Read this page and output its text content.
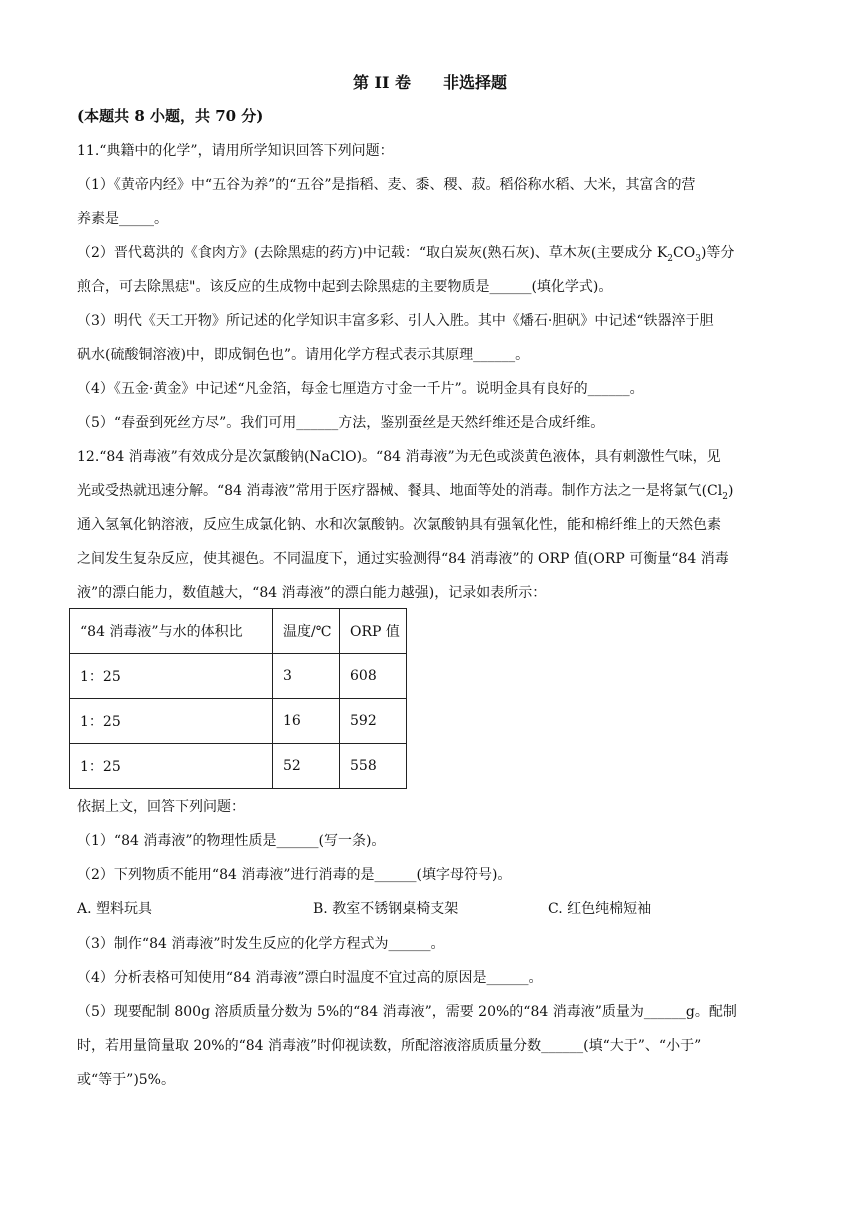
第 II 卷　　非选择题
(本题共 8 小题，共 70 分)
11.“典籍中的化学”，请用所学知识回答下列问题：
（1）《黄帝内经》中“五谷为养”的“五谷”是指稻、麦、黍、稷、菽。稻俗称水稻、大米，其富含的营
养素是_____。
（2）晋代葛洪的《食肉方》(去除黑痣的药方)中记载：“取白炭灰(熟石灰)、草木灰(主要成分 $K_2CO_3$)等分
煎合，可去除黑痣"。该反应的生成物中起到去除黑痣的主要物质是______(填化学式)。
（3）明代《天工开物》所记述的化学知识丰富多彩、引人入胜。其中《燔石·胆矾》中记述“铁器淬于胆
矾水(硫酸铜溶液)中，即成铜色也”。请用化学方程式表示其原理______。
（4）《五金·黄金》中记述“凡金箔，每金七厘造方寸金一千片”。说明金具有良好的______。
（5）“春蚕到死丝方尽”。我们可用______方法，鉴别蚕丝是天然纤维还是合成纤维。
12.“84 消毒液”有效成分是次氯酸钠(NaClO)。“84 消毒液”为无色或淡黄色液体，具有刺激性气味，见
光或受热就迅速分解。“84 消毒液”常用于医疗器械、餐具、地面等处的消毒。制作方法之一是将氯气$(Cl_2)$
通入氢氧化钠溶液，反应生成氯化钠、水和次氯酸钠。次氯酸钠具有强氧化性，能和棉纤维上的天然色素
之间发生复杂反应，使其褪色。不同温度下，通过实验测得“84 消毒液”的 ORP 值(ORP 可衡量“84 消毒
液”的漂白能力，数值越大，“84 消毒液”的漂白能力越强)，记录如表所示：
“84 消毒液”与水的体积比	温度/℃	ORP 值
1：25	3	608
1：25	16	592
1：25	52	558
依据上文，回答下列问题：
（1）“84 消毒液”的物理性质是______(写一条)。
（2）下列物质不能用“84 消毒液”进行消毒的是______(填字母符号)。
A. 塑料玩具	B. 教室不锈钢桌椅支架	C. 红色纯棉短袖
（3）制作“84 消毒液”时发生反应的化学方程式为______。
（4）分析表格可知使用“84 消毒液”漂白时温度不宜过高的原因是______。
（5）现要配制 800g 溶质质量分数为 5%的“84 消毒液”，需要 20%的“84 消毒液”质量为______g。配制
时，若用量筒量取 20%的“84 消毒液”时仰视读数，所配溶液溶质质量分数______(填“大于”、“小于”
或“等于”)5%。
